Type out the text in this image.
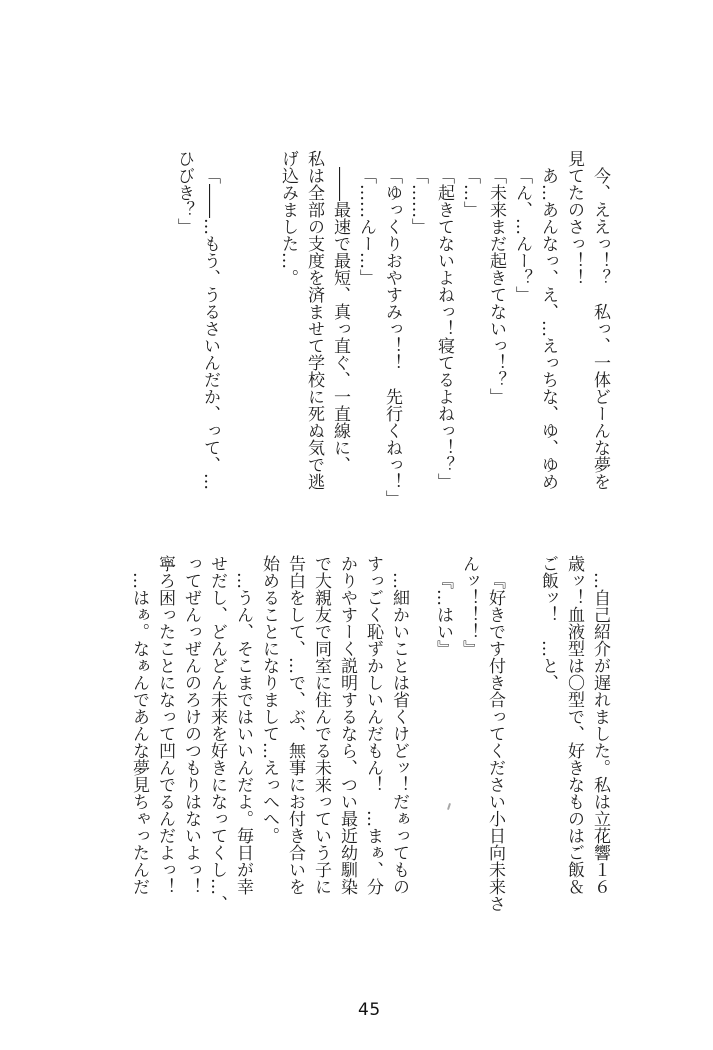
今、ええっ！？　私っ、一体どーんな夢を
見てたのさっ！！
あ…あんなっ、え、…えっちな、ゆ、ゆめ
「ん、…んー？」
「未来まだ起きてないっ！？」
「…」
「起きてないよねっ！寝てるよねっ！？」
「……」
「ゆっくりおやすみっ！！　先行くねっ！」
「……んー…」
――最速で最短、真っ直ぐ、一直線に、
私は全部の支度を済ませて学校に死ぬ気で逃
げ込みました…。
「――…もう、うるさいんだか、って、…
ひびき？」
…自己紹介が遅れました。私は立花響１６
歳ッ！血液型は〇型で、好きなものはご飯＆
ご飯ッ！　…と、
『好きです付き合ってください小日向未来さ
んッ！！！』
『…はい』
…細かいことは省くけどッ！だぁってもの
すっごく恥ずかしいんだもん！　…まぁ、分
かりやすーく説明するなら、つい最近幼馴染
で大親友で同室に住んでる未来っていう子に
告白をして、…で、ぶ、無事にお付き合いを
始めることになりまして…えっへへ。
…うん、そこまではいいんだよ。毎日が幸
せだし、どんどん未来を好きになってくし…、
ってぜんっぜんのろけのつもりはないよっ！
寧ろ困ったことになって凹んでるんだよっ！
…はぁ。なぁんであんな夢見ちゃったんだ
45
